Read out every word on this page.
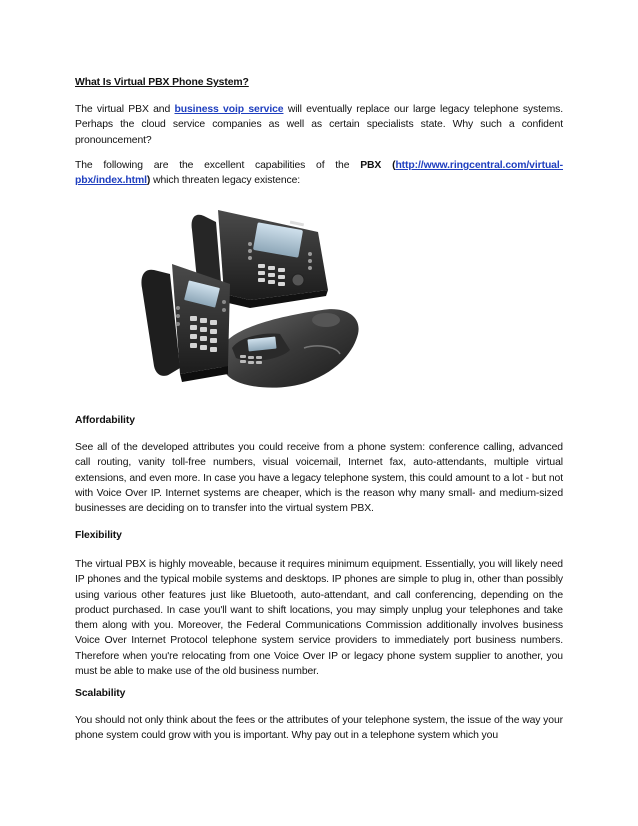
What Is Virtual PBX Phone System?
The virtual PBX and business voip service will eventually replace our large legacy telephone systems. Perhaps the cloud service companies as well as certain specialists state. Why such a confident pronouncement?
The following are the excellent capabilities of the PBX (http://www.ringcentral.com/virtual-pbx/index.html) which threaten legacy existence:
Affordability
See all of the developed attributes you could receive from a phone system: conference calling, advanced call routing, vanity toll-free numbers, visual voicemail, Internet fax, auto-attendants, multiple virtual extensions, and even more. In case you have a legacy telephone system, this could amount to a lot - but not with Voice Over IP. Internet systems are cheaper, which is the reason why many small- and medium-sized businesses are deciding on to transfer into the virtual system PBX.
Flexibility
The virtual PBX is highly moveable, because it requires minimum equipment. Essentially, you will likely need IP phones and the typical mobile systems and desktops. IP phones are simple to plug in, other than possibly using various other features just like Bluetooth, auto-attendant, and call conferencing, depending on the product purchased. In case you'll want to shift locations, you may simply unplug your telephones and take them along with you. Moreover, the Federal Communications Commission additionally involves business Voice Over Internet Protocol telephone system service providers to immediately port business numbers. Therefore when you're relocating from one Voice Over IP or legacy phone system supplier to another, you must be able to make use of the old business number.
Scalability
You should not only think about the fees or the attributes of your telephone system, the issue of the way your phone system could grow with you is important. Why pay out in a telephone system which you
